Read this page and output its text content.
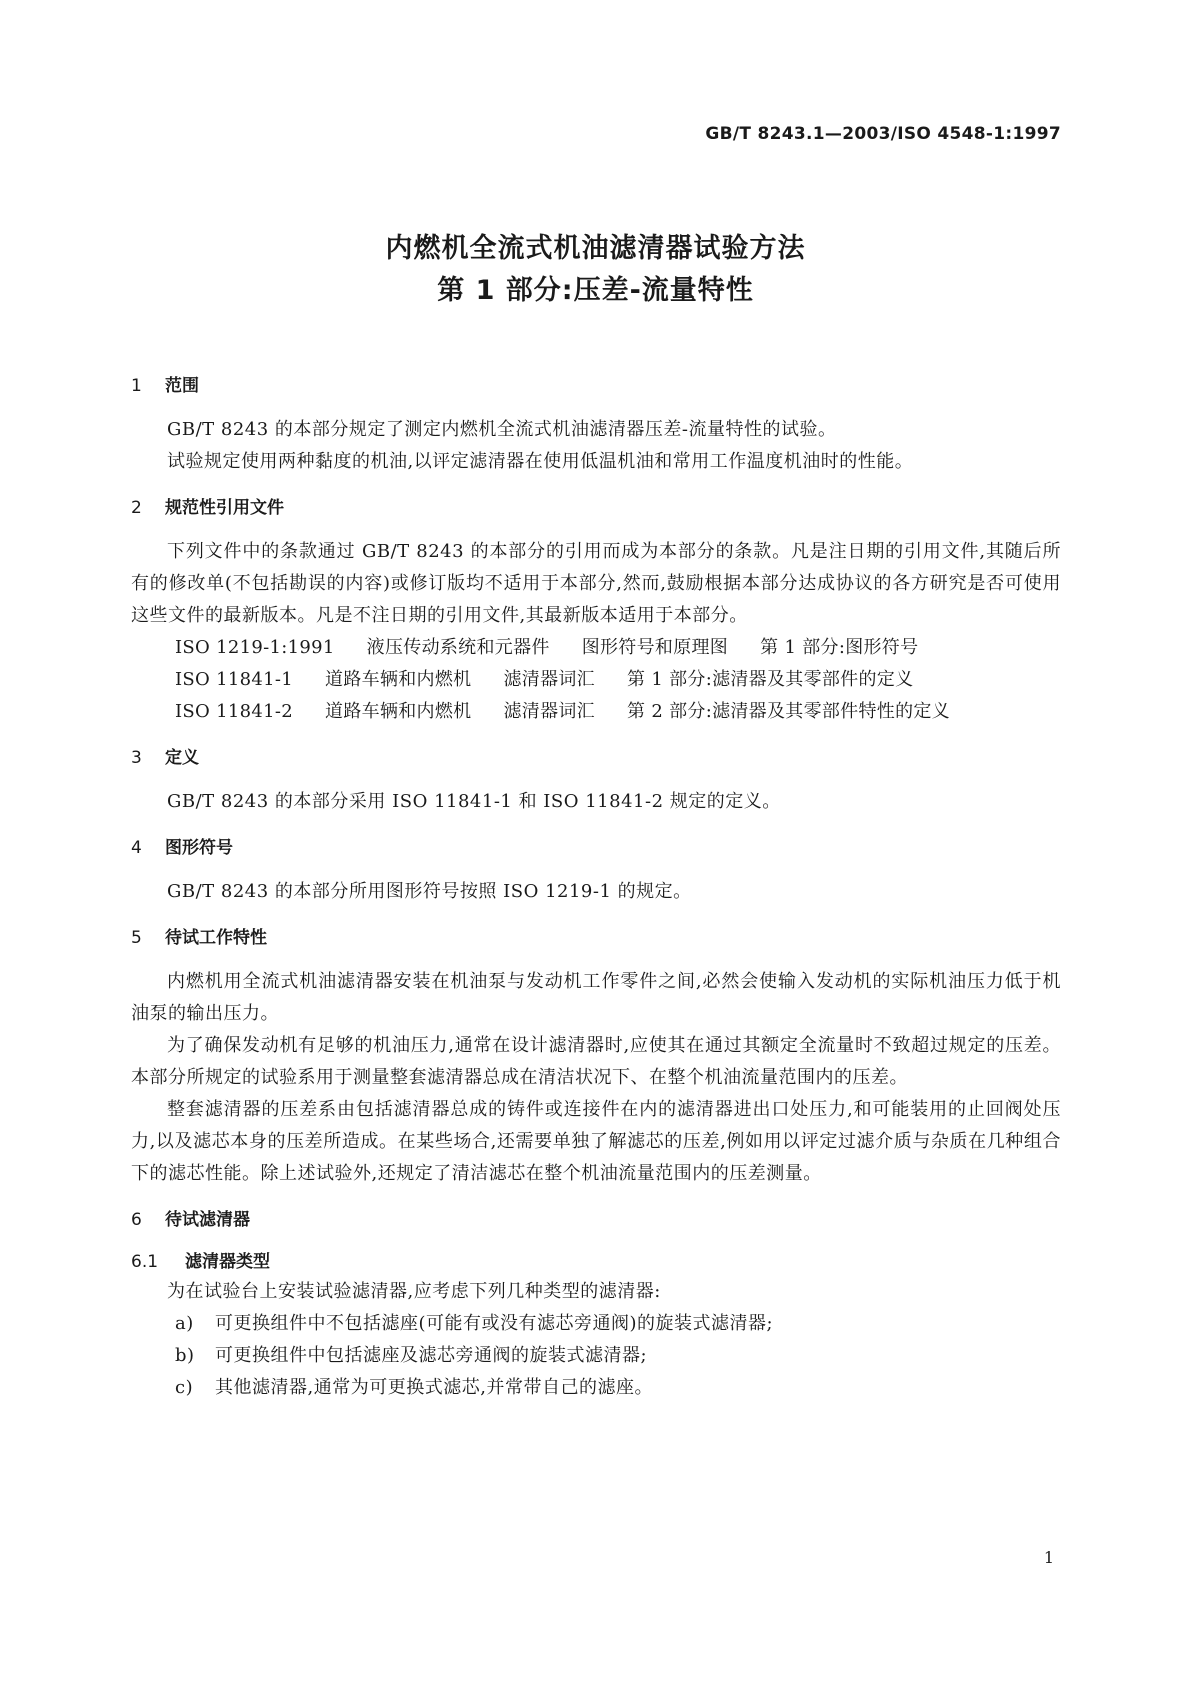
GB/T 8243.1—2003/ISO 4548-1:1997
内燃机全流式机油滤清器试验方法
第 1 部分:压差-流量特性
1	范围
GB/T 8243 的本部分规定了测定内燃机全流式机油滤清器压差-流量特性的试验。
试验规定使用两种黏度的机油,以评定滤清器在使用低温机油和常用工作温度机油时的性能。
2	规范性引用文件
下列文件中的条款通过 GB/T 8243 的本部分的引用而成为本部分的条款。凡是注日期的引用文件,其随后所有的修改单(不包括勘误的内容)或修订版均不适用于本部分,然而,鼓励根据本部分达成协议的各方研究是否可使用这些文件的最新版本。凡是不注日期的引用文件,其最新版本适用于本部分。
ISO 1219-1:1991 液压传动系统和元器件 图形符号和原理图 第 1 部分:图形符号
ISO 11841-1 道路车辆和内燃机 滤清器词汇 第 1 部分:滤清器及其零部件的定义
ISO 11841-2 道路车辆和内燃机 滤清器词汇 第 2 部分:滤清器及其零部件特性的定义
3	定义
GB/T 8243 的本部分采用 ISO 11841-1 和 ISO 11841-2 规定的定义。
4	图形符号
GB/T 8243 的本部分所用图形符号按照 ISO 1219-1 的规定。
5	待试工作特性
内燃机用全流式机油滤清器安装在机油泵与发动机工作零件之间,必然会使输入发动机的实际机油压力低于机油泵的输出压力。
为了确保发动机有足够的机油压力,通常在设计滤清器时,应使其在通过其额定全流量时不致超过规定的压差。本部分所规定的试验系用于测量整套滤清器总成在清洁状况下、在整个机油流量范围内的压差。
整套滤清器的压差系由包括滤清器总成的铸件或连接件在内的滤清器进出口处压力,和可能装用的止回阀处压力,以及滤芯本身的压差所造成。在某些场合,还需要单独了解滤芯的压差,例如用以评定过滤介质与杂质在几种组合下的滤芯性能。除上述试验外,还规定了清洁滤芯在整个机油流量范围内的压差测量。
6	待试滤清器
6.1	滤清器类型
为在试验台上安装试验滤清器,应考虑下列几种类型的滤清器:
a)	可更换组件中不包括滤座(可能有或没有滤芯旁通阀)的旋装式滤清器;
b)	可更换组件中包括滤座及滤芯旁通阀的旋装式滤清器;
c)	其他滤清器,通常为可更换式滤芯,并常带自己的滤座。
1
